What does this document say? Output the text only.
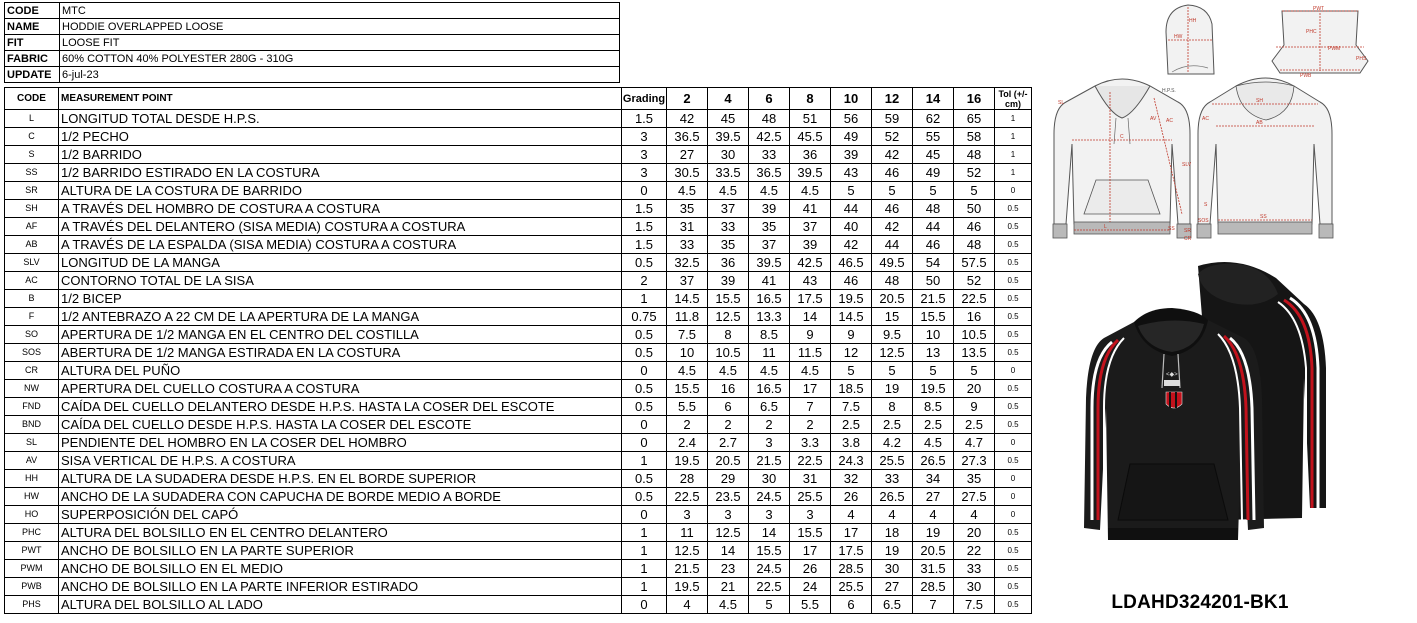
CODE	MTC
NAME	HODDIE OVERLAPPED LOOSE
FIT	LOOSE FIT
FABRIC	60% COTTON 40% POLYESTER 280G - 310G
UPDATE	6-jul-23
CODE	MEASUREMENT POINT	Grading	2	4	6	8	10	12	14	16	Tol (+/- cm)
L	LONGITUD TOTAL DESDE H.P.S.	1.5	42	45	48	51	56	59	62	65	1
C	1/2 PECHO	3	36.5	39.5	42.5	45.5	49	52	55	58	1
S	1/2 BARRIDO	3	27	30	33	36	39	42	45	48	1
SS	1/2 BARRIDO ESTIRADO EN LA COSTURA	3	30.5	33.5	36.5	39.5	43	46	49	52	1
SR	ALTURA DE LA COSTURA DE BARRIDO	0	4.5	4.5	4.5	4.5	5	5	5	5	0
SH	A TRAVÉS DEL HOMBRO DE COSTURA A COSTURA	1.5	35	37	39	41	44	46	48	50	0.5
AF	A TRAVÉS DEL DELANTERO (SISA MEDIA) COSTURA A COSTURA	1.5	31	33	35	37	40	42	44	46	0.5
AB	A TRAVÉS DE LA ESPALDA (SISA MEDIA) COSTURA A COSTURA	1.5	33	35	37	39	42	44	46	48	0.5
SLV	LONGITUD DE LA MANGA	0.5	32.5	36	39.5	42.5	46.5	49.5	54	57.5	0.5
AC	CONTORNO TOTAL DE LA SISA	2	37	39	41	43	46	48	50	52	0.5
B	1/2 BICEP	1	14.5	15.5	16.5	17.5	19.5	20.5	21.5	22.5	0.5
F	1/2 ANTEBRAZO A 22 CM DE LA APERTURA DE LA MANGA	0.75	11.8	12.5	13.3	14	14.5	15	15.5	16	0.5
SO	APERTURA DE 1/2 MANGA EN EL CENTRO DEL COSTILLA	0.5	7.5	8	8.5	9	9	9.5	10	10.5	0.5
SOS	ABERTURA DE 1/2 MANGA ESTIRADA EN LA COSTURA	0.5	10	10.5	11	11.5	12	12.5	13	13.5	0.5
CR	ALTURA DEL PUÑO	0	4.5	4.5	4.5	4.5	5	5	5	5	0
NW	APERTURA DEL CUELLO COSTURA A COSTURA	0.5	15.5	16	16.5	17	18.5	19	19.5	20	0.5
FND	CAÍDA DEL CUELLO DELANTERO DESDE H.P.S. HASTA LA COSER DEL ESCOTE	0.5	5.5	6	6.5	7	7.5	8	8.5	9	0.5
BND	CAÍDA DEL CUELLO DESDE H.P.S. HASTA LA COSER DEL ESCOTE	0	2	2	2	2	2.5	2.5	2.5	2.5	0.5
SL	PENDIENTE DEL HOMBRO EN LA COSER DEL HOMBRO	0	2.4	2.7	3	3.3	3.8	4.2	4.5	4.7	0
AV	SISA VERTICAL DE H.P.S. A COSTURA	1	19.5	20.5	21.5	22.5	24.3	25.5	26.5	27.3	0.5
HH	ALTURA DE LA SUDADERA DESDE H.P.S. EN EL BORDE SUPERIOR	0.5	28	29	30	31	32	33	34	35	0
HW	ANCHO DE LA SUDADERA CON CAPUCHA DE BORDE MEDIO A BORDE	0.5	22.5	23.5	24.5	25.5	26	26.5	27	27.5	0
HO	SUPERPOSICIÓN DEL CAPÓ	0	3	3	3	3	4	4	4	4	0
PHC	ALTURA DEL BOLSILLO EN EL CENTRO DELANTERO	1	11	12.5	14	15.5	17	18	19	20	0.5
PWT	ANCHO DE BOLSILLO EN LA PARTE SUPERIOR	1	12.5	14	15.5	17	17.5	19	20.5	22	0.5
PWM	ANCHO DE BOLSILLO EN EL MEDIO	1	21.5	23	24.5	26	28.5	30	31.5	33	0.5
PWB	ANCHO DE BOLSILLO EN LA PARTE INFERIOR ESTIRADO	1	19.5	21	22.5	24	25.5	27	28.5	30	0.5
PHS	ALTURA DEL BOLSILLO AL LADO	0	4	4.5	5	5.5	6	6.5	7	7.5	0.5
HH
HW
PWT
PHC
PWM
PWB
PHS
SL
H.P.S.
AV AC
C
SLV
L	SS SR
CR
SH
AB
AC
SOS
SS
S
<◆>
LDAHD324201-BK1
